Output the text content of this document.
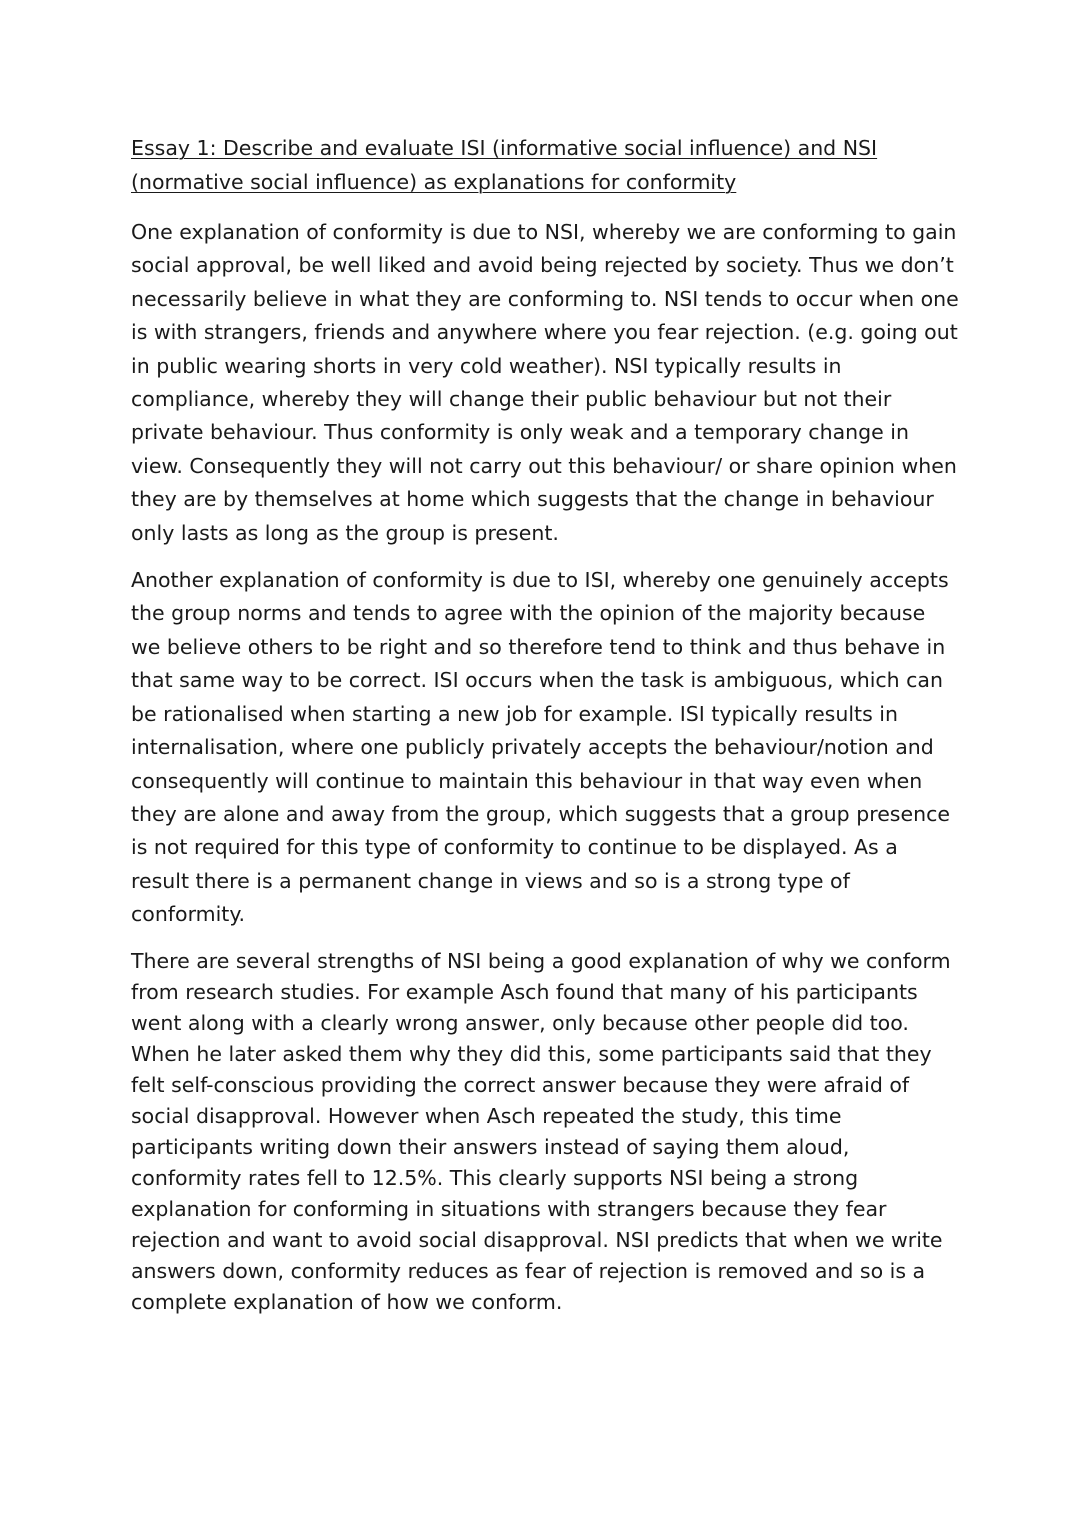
Essay 1: Describe and evaluate ISI (informative social influence) and NSI (normative social influence) as explanations for conformity

One explanation of conformity is due to NSI, whereby we are conforming to gain social approval, be well liked and avoid being rejected by society. Thus we don’t necessarily believe in what they are conforming to. NSI tends to occur when one is with strangers, friends and anywhere where you fear rejection. (e.g. going out in public wearing shorts in very cold weather). NSI typically results in compliance, whereby they will change their public behaviour but not their private behaviour. Thus conformity is only weak and a temporary change in view. Consequently they will not carry out this behaviour/ or share opinion when they are by themselves at home which suggests that the change in behaviour only lasts as long as the group is present.

Another explanation of conformity is due to ISI, whereby one genuinely accepts the group norms and tends to agree with the opinion of the majority because we believe others to be right and so therefore tend to think and thus behave in that same way to be correct. ISI occurs when the task is ambiguous, which can be rationalised when starting a new job for example. ISI typically results in internalisation, where one publicly privately accepts the behaviour/notion and consequently will continue to maintain this behaviour in that way even when they are alone and away from the group, which suggests that a group presence is not required for this type of conformity to continue to be displayed. As a result there is a permanent change in views and so is a strong type of conformity.

There are several strengths of NSI being a good explanation of why we conform from research studies. For example Asch found that many of his participants went along with a clearly wrong answer, only because other people did too. When he later asked them why they did this, some participants said that they felt self-conscious providing the correct answer because they were afraid of social disapproval. However when Asch repeated the study, this time participants writing down their answers instead of saying them aloud, conformity rates fell to 12.5%. This clearly supports NSI being a strong explanation for conforming in situations with strangers because they fear rejection and want to avoid social disapproval. NSI predicts that when we write answers down, conformity reduces as fear of rejection is removed and so is a complete explanation of how we conform.
